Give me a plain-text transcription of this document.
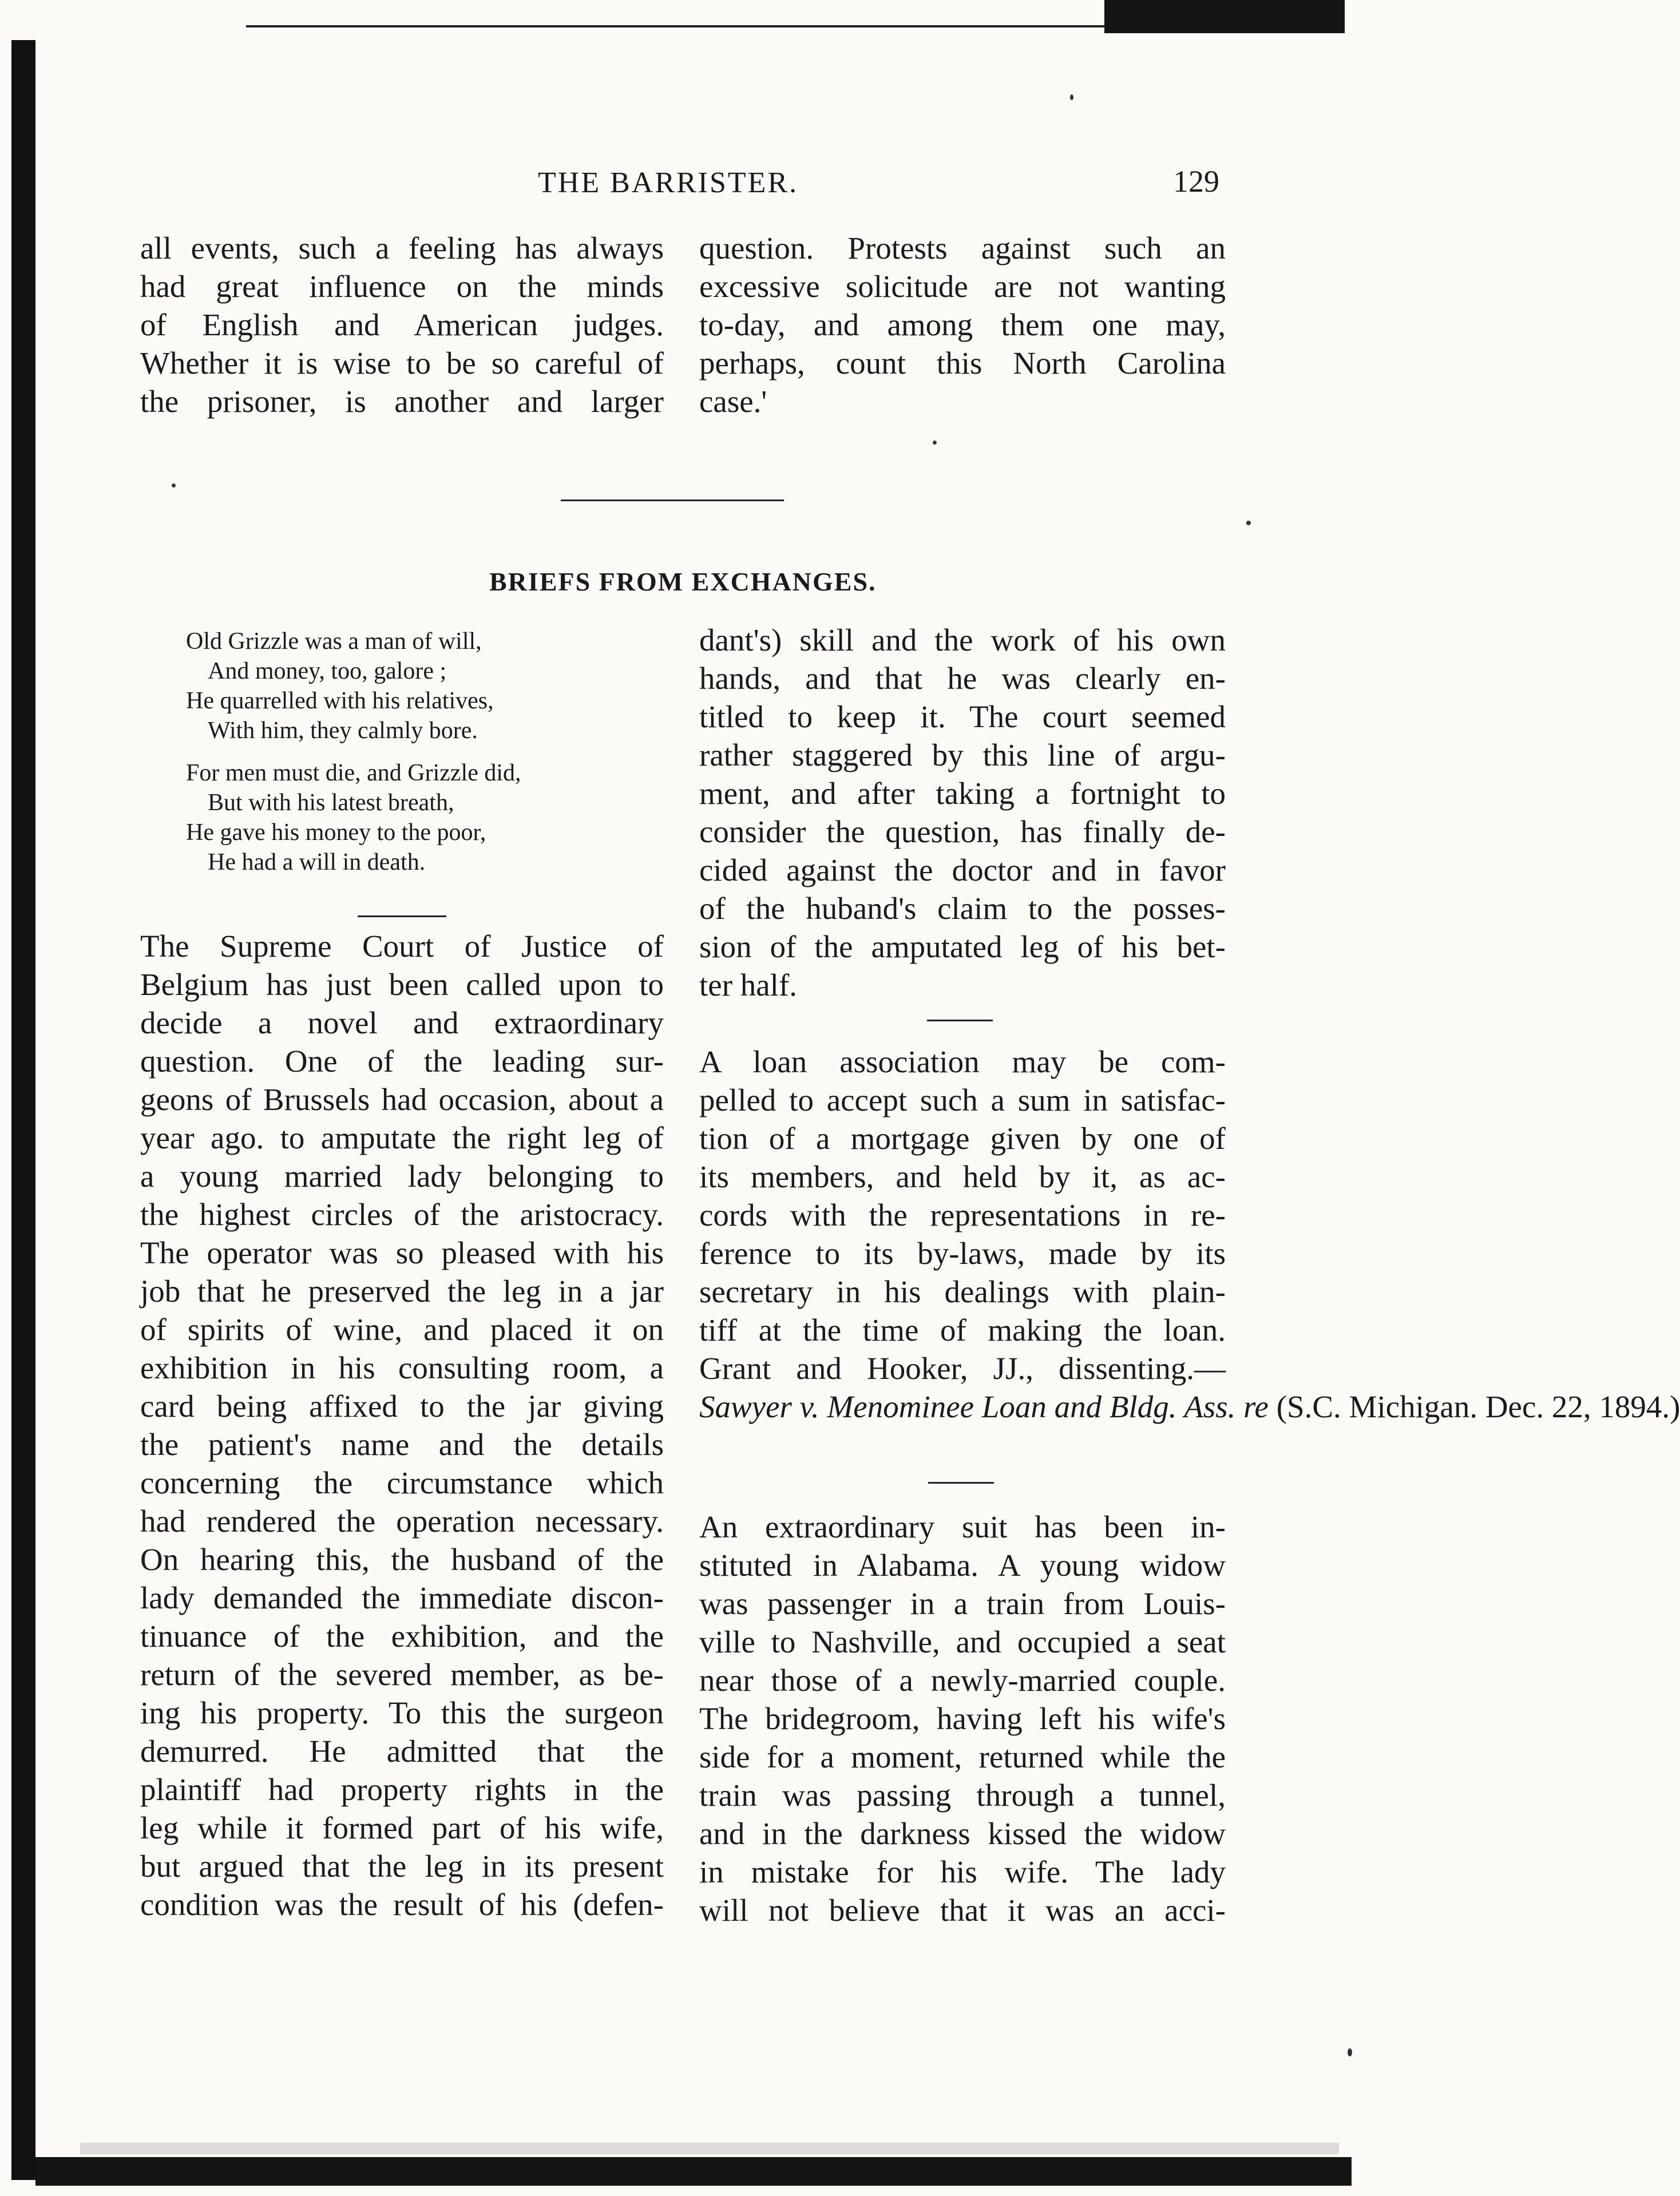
THE BARRISTER.	129
all events, such a feeling has always
had great influence on the minds
of English and American judges.
Whether it is wise to be so careful of
the prisoner, is another and larger
question. Protests against such an
excessive solicitude are not wanting
to-day, and among them one may,
perhaps, count this North Carolina
case.'
BRIEFS FROM EXCHANGES.
Old Grizzle was a man of will,
And money, too, galore ;
He quarrelled with his relatives,
With him, they calmly bore.
For men must die, and Grizzle did,
But with his latest breath,
He gave his money to the poor,
He had a will in death.
The Supreme Court of Justice of
Belgium has just been called upon to
decide a novel and extraordinary
question. One of the leading sur-
geons of Brussels had occasion, about a
year ago. to amputate the right leg of
a young married lady belonging to
the highest circles of the aristocracy.
The operator was so pleased with his
job that he preserved the leg in a jar
of spirits of wine, and placed it on
exhibition in his consulting room, a
card being affixed to the jar giving
the patient's name and the details
concerning the circumstance which
had rendered the operation necessary.
On hearing this, the husband of the
lady demanded the immediate discon-
tinuance of the exhibition, and the
return of the severed member, as be-
ing his property. To this the surgeon
demurred. He admitted that the
plaintiff had property rights in the
leg while it formed part of his wife,
but argued that the leg in its present
condition was the result of his (defen-
dant's) skill and the work of his own
hands, and that he was clearly en-
titled to keep it. The court seemed
rather staggered by this line of argu-
ment, and after taking a fortnight to
consider the question, has finally de-
cided against the doctor and in favor
of the huband's claim to the posses-
sion of the amputated leg of his bet-
ter half.
A loan association may be com-
pelled to accept such a sum in satisfac-
tion of a mortgage given by one of
its members, and held by it, as ac-
cords with the representations in re-
ference to its by-laws, made by its
secretary in his dealings with plain-
tiff at the time of making the loan.
Grant and Hooker, JJ., dissenting.—
Sawyer v. Menominee Loan and Bldg. Ass. re (S.C. Michigan. Dec. 22, 1894.)
An extraordinary suit has been in-
stituted in Alabama. A young widow
was passenger in a train from Louis-
ville to Nashville, and occupied a seat
near those of a newly-married couple.
The bridegroom, having left his wife's
side for a moment, returned while the
train was passing through a tunnel,
and in the darkness kissed the widow
in mistake for his wife. The lady
will not believe that it was an acci-
